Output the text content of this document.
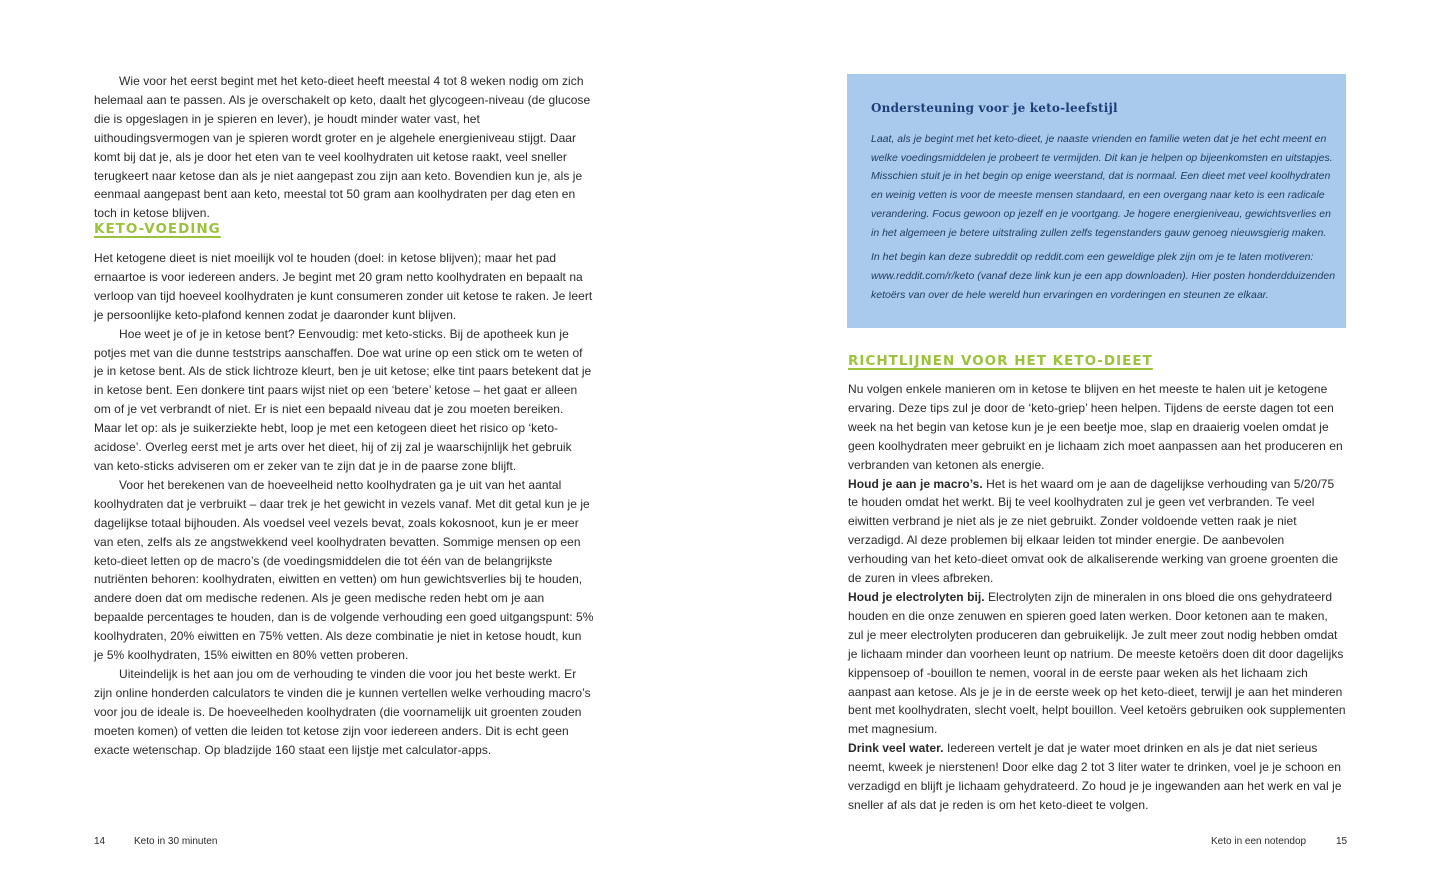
Wie voor het eerst begint met het keto-dieet heeft meestal 4 tot 8 weken nodig om zich helemaal aan te passen. Als je overschakelt op keto, daalt het glycogeen-niveau (de glucose die is opgeslagen in je spieren en lever), je houdt minder water vast, het uithoudingsvermogen van je spieren wordt groter en je algehele energieniveau stijgt. Daar komt bij dat je, als je door het eten van te veel koolhydraten uit ketose raakt, veel sneller terugkeert naar ketose dan als je niet aangepast zou zijn aan keto. Bovendien kun je, als je eenmaal aangepast bent aan keto, meestal tot 50 gram aan koolhydraten per dag eten en toch in ketose blijven.

KETO-VOEDING

Het ketogene dieet is niet moeilijk vol te houden (doel: in ketose blijven); maar het pad ernaartoe is voor iedereen anders. Je begint met 20 gram netto koolhydraten en bepaalt na verloop van tijd hoeveel koolhydraten je kunt consumeren zonder uit ketose te raken. Je leert je persoonlijke keto-plafond kennen zodat je daaronder kunt blijven.

Hoe weet je of je in ketose bent? Eenvoudig: met keto-sticks. Bij de apotheek kun je potjes met van die dunne teststrips aanschaffen. Doe wat urine op een stick om te weten of je in ketose bent. Als de stick lichtroze kleurt, ben je uit ketose; elke tint paars betekent dat je in ketose bent. Een donkere tint paars wijst niet op een ‘betere’ ketose – het gaat er alleen om of je vet verbrandt of niet. Er is niet een bepaald niveau dat je zou moeten bereiken. Maar let op: als je suikerziekte hebt, loop je met een ketogeen dieet het risico op ‘keto-acidose’. Overleg eerst met je arts over het dieet, hij of zij zal je waarschijnlijk het gebruik van keto-sticks adviseren om er zeker van te zijn dat je in de paarse zone blijft.

Voor het berekenen van de hoeveelheid netto koolhydraten ga je uit van het aantal koolhydraten dat je verbruikt – daar trek je het gewicht in vezels vanaf. Met dit getal kun je je dagelijkse totaal bijhouden. Als voedsel veel vezels bevat, zoals kokosnoot, kun je er meer van eten, zelfs als ze angstwekkend veel koolhydraten bevatten. Sommige mensen op een keto-dieet letten op de macro’s (de voedingsmiddelen die tot één van de belangrijkste nutriënten behoren: koolhydraten, eiwitten en vetten) om hun gewichtsverlies bij te houden, andere doen dat om medische redenen. Als je geen medische reden hebt om je aan bepaalde percentages te houden, dan is de volgende verhouding een goed uitgangspunt: 5% koolhydraten, 20% eiwitten en 75% vetten. Als deze combinatie je niet in ketose houdt, kun je 5% koolhydraten, 15% eiwitten en 80% vetten proberen.

Uiteindelijk is het aan jou om de verhouding te vinden die voor jou het beste werkt. Er zijn online honderden calculators te vinden die je kunnen vertellen welke verhouding macro’s voor jou de ideale is. De hoeveelheden koolhydraten (die voornamelijk uit groenten zouden moeten komen) of vetten die leiden tot ketose zijn voor iedereen anders. Dit is echt geen exacte wetenschap. Op bladzijde 160 staat een lijstje met calculator-apps.

14	Keto in 30 minuten
Ondersteuning voor je keto-leefstijl

Laat, als je begint met het keto-dieet, je naaste vrienden en familie weten dat je het echt meent en welke voedingsmiddelen je probeert te vermijden. Dit kan je helpen op bijeenkomsten en uitstapjes. Misschien stuit je in het begin op enige weerstand, dat is normaal. Een dieet met veel koolhydraten en weinig vetten is voor de meeste mensen standaard, en een overgang naar keto is een radicale verandering. Focus gewoon op jezelf en je voortgang. Je hogere energieniveau, gewichtsverlies en in het algemeen je betere uitstraling zullen zelfs tegenstanders gauw genoeg nieuwsgierig maken.

In het begin kan deze subreddit op reddit.com een geweldige plek zijn om je te laten motiveren: www.reddit.com/r/keto (vanaf deze link kun je een app downloaden). Hier posten honderdduizenden ketoërs van over de hele wereld hun ervaringen en vorderingen en steunen ze elkaar.

RICHTLIJNEN VOOR HET KETO-DIEET

Nu volgen enkele manieren om in ketose te blijven en het meeste te halen uit je ketogene ervaring. Deze tips zul je door de ‘keto-griep’ heen helpen. Tijdens de eerste dagen tot een week na het begin van ketose kun je je een beetje moe, slap en draaierig voelen omdat je geen koolhydraten meer gebruikt en je lichaam zich moet aanpassen aan het produceren en verbranden van ketonen als energie.

Houd je aan je macro’s. Het is het waard om je aan de dagelijkse verhouding van 5/20/75 te houden omdat het werkt. Bij te veel koolhydraten zul je geen vet verbranden. Te veel eiwitten verbrand je niet als je ze niet gebruikt. Zonder voldoende vetten raak je niet verzadigd. Al deze problemen bij elkaar leiden tot minder energie. De aanbevolen verhouding van het keto-dieet omvat ook de alkaliserende werking van groene groenten die de zuren in vlees afbreken.

Houd je electrolyten bij. Electrolyten zijn de mineralen in ons bloed die ons gehydrateerd houden en die onze zenuwen en spieren goed laten werken. Door ketonen aan te maken, zul je meer electrolyten produceren dan gebruikelijk. Je zult meer zout nodig hebben omdat je lichaam minder dan voorheen leunt op natrium. De meeste ketoërs doen dit door dagelijks kippensoep of -bouillon te nemen, vooral in de eerste paar weken als het lichaam zich aanpast aan ketose. Als je je in de eerste week op het keto-dieet, terwijl je aan het minderen bent met koolhydraten, slecht voelt, helpt bouillon. Veel ketoërs gebruiken ook supplementen met magnesium.

Drink veel water. Iedereen vertelt je dat je water moet drinken en als je dat niet serieus neemt, kweek je nierstenen! Door elke dag 2 tot 3 liter water te drinken, voel je je schoon en verzadigd en blijft je lichaam gehydrateerd. Zo houd je je ingewanden aan het werk en val je sneller af als dat je reden is om het keto-dieet te volgen.

Keto in een notendop	15
